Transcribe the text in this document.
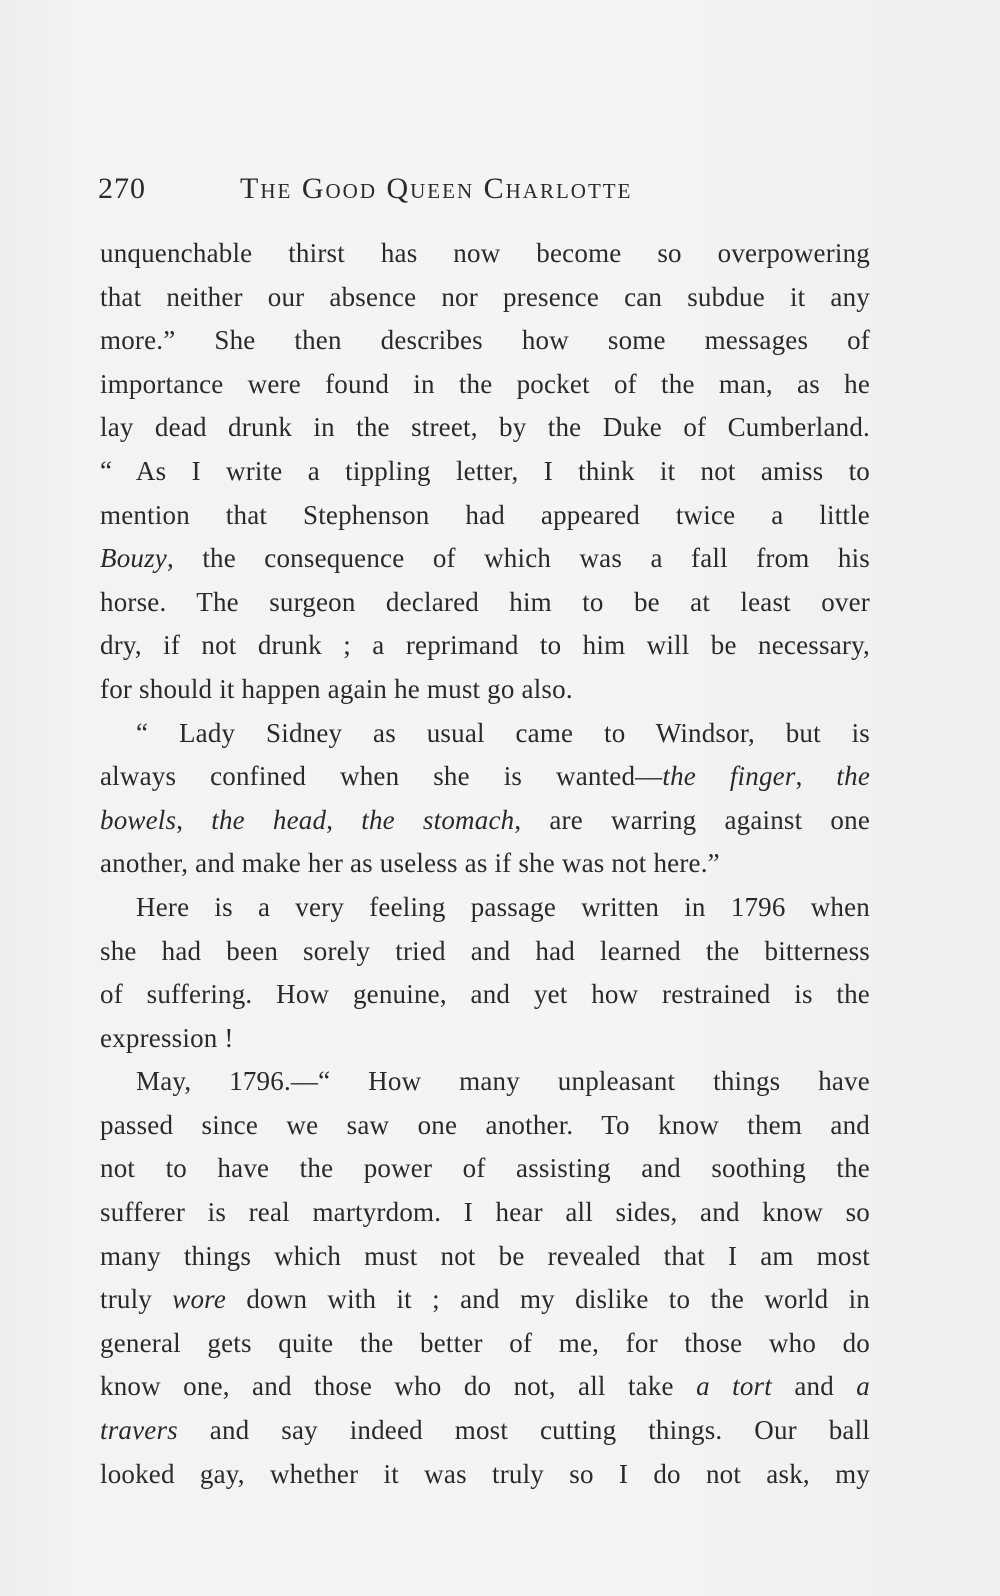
270	The Good Queen Charlotte
unquenchable thirst has now become so overpowering
that neither our absence nor presence can subdue it any
more.” She then describes how some messages of
importance were found in the pocket of the man, as he
lay dead drunk in the street, by the Duke of Cumberland.
“ As I write a tippling letter, I think it not amiss to
mention that Stephenson had appeared twice a little
Bouzy, the consequence of which was a fall from his
horse. The surgeon declared him to be at least over
dry, if not drunk ; a reprimand to him will be necessary,
for should it happen again he must go also.
“ Lady Sidney as usual came to Windsor, but is
always confined when she is wanted—the finger, the
bowels, the head, the stomach, are warring against one
another, and make her as useless as if she was not here.”
Here is a very feeling passage written in 1796 when
she had been sorely tried and had learned the bitterness
of suffering. How genuine, and yet how restrained is the
expression !
May, 1796.—“ How many unpleasant things have
passed since we saw one another. To know them and
not to have the power of assisting and soothing the
sufferer is real martyrdom. I hear all sides, and know so
many things which must not be revealed that I am most
truly wore down with it ; and my dislike to the world in
general gets quite the better of me, for those who do
know one, and those who do not, all take a tort and a
travers and say indeed most cutting things. Our ball
looked gay, whether it was truly so I do not ask, my
